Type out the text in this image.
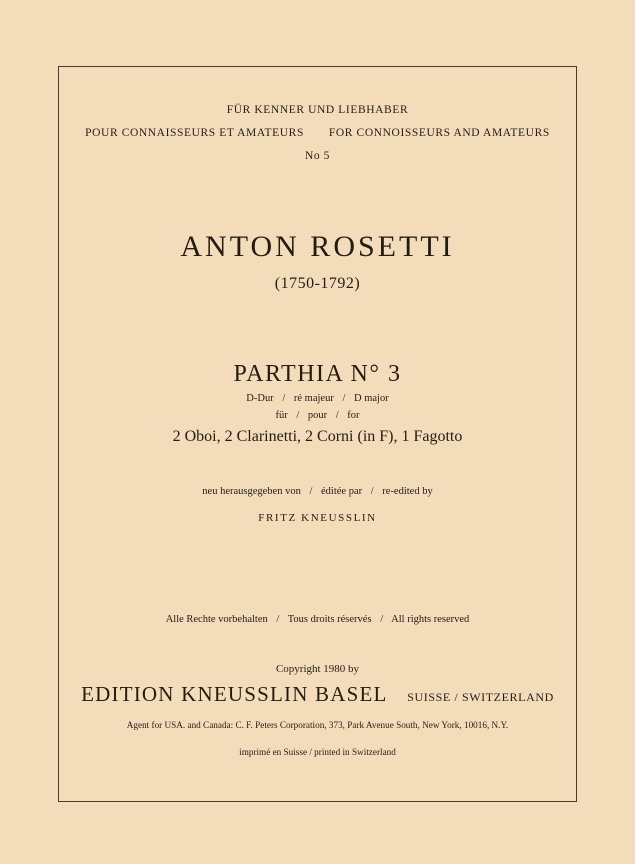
FÜR KENNER UND LIEBHABER
POUR CONNAISSEURS ET AMATEURS FOR CONNOISSEURS AND AMATEURS
No 5
ANTON ROSETTI
(1750-1792)
PARTHIA N° 3
D-Dur / ré majeur / D major
für / pour / for
2 Oboi, 2 Clarinetti, 2 Corni (in F), 1 Fagotto
neu herausgegeben von / éditée par / re-edited by
FRITZ KNEUSSLIN
Alle Rechte vorbehalten / Tous droits réservés / All rights reserved
Copyright 1980 by
EDITION KNEUSSLIN BASEL SUISSE / SWITZERLAND
Agent for USA. and Canada: C. F. Peters Corporation, 373, Park Avenue South, New York, 10016, N.Y.
imprimé en Suisse / printed in Switzerland
